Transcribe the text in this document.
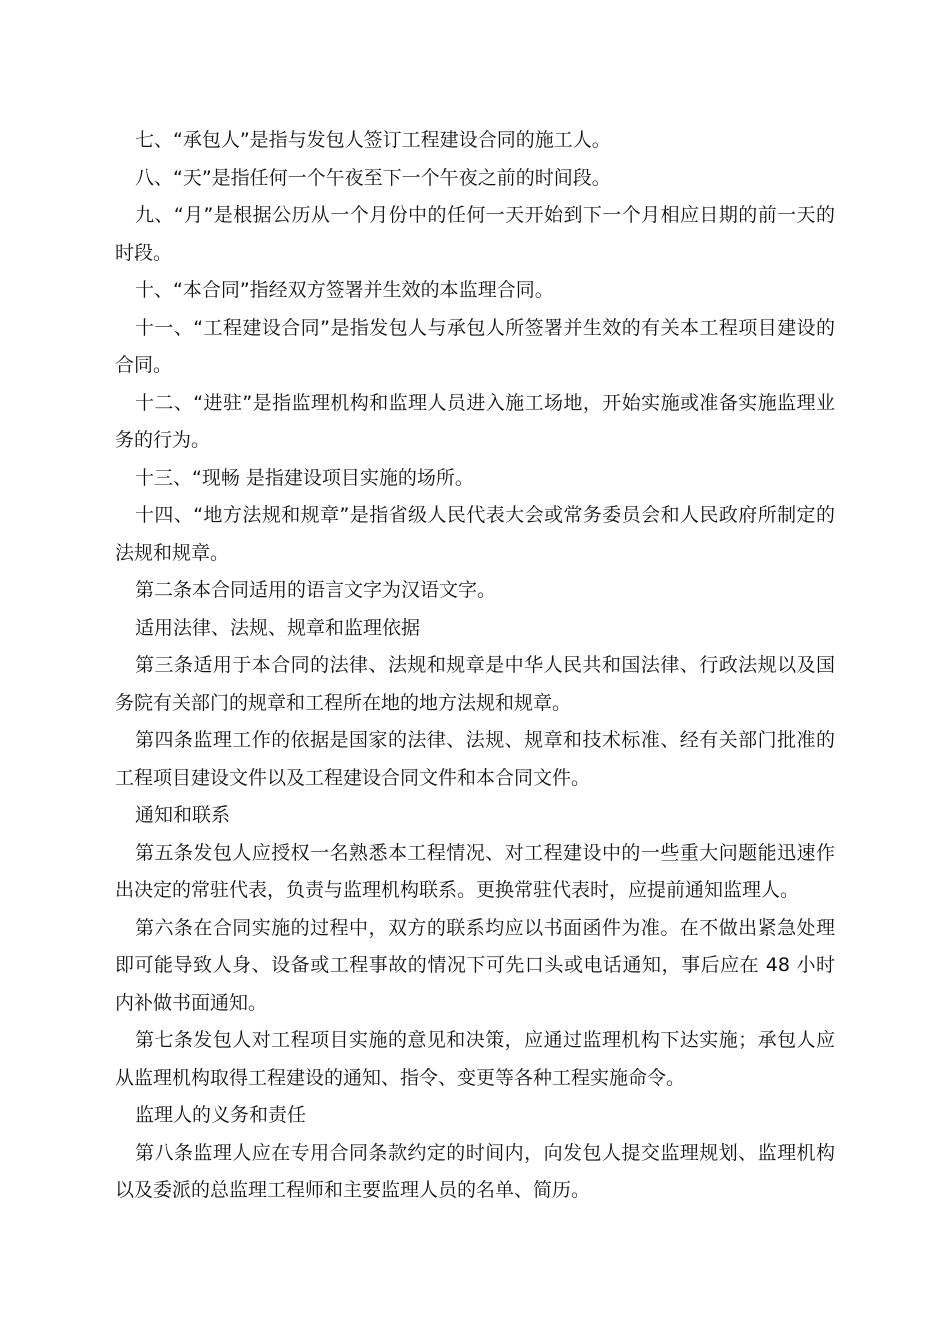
七、“承包人”是指与发包人签订工程建设合同的施工人。

八、“天”是指任何一个午夜至下一个午夜之前的时间段。

九、“月”是根据公历从一个月份中的任何一天开始到下一个月相应日期的前一天的时段。

十、“本合同”指经双方签署并生效的本监理合同。

十一、“工程建设合同”是指发包人与承包人所签署并生效的有关本工程项目建设的合同。

十二、“进驻”是指监理机构和监理人员进入施工场地，开始实施或准备实施监理业务的行为。

十三、“现畅 是指建设项目实施的场所。

十四、“地方法规和规章”是指省级人民代表大会或常务委员会和人民政府所制定的法规和规章。

第二条本合同适用的语言文字为汉语文字。

适用法律、法规、规章和监理依据

第三条适用于本合同的法律、法规和规章是中华人民共和国法律、行政法规以及国务院有关部门的规章和工程所在地的地方法规和规章。

第四条监理工作的依据是国家的法律、法规、规章和技术标准、经有关部门批准的工程项目建设文件以及工程建设合同文件和本合同文件。

通知和联系

第五条发包人应授权一名熟悉本工程情况、对工程建设中的一些重大问题能迅速作出决定的常驻代表，负责与监理机构联系。更换常驻代表时，应提前通知监理人。

第六条在合同实施的过程中，双方的联系均应以书面函件为准。在不做出紧急处理即可能导致人身、设备或工程事故的情况下可先口头或电话通知，事后应在 48 小时内补做书面通知。

第七条发包人对工程项目实施的意见和决策，应通过监理机构下达实施；承包人应从监理机构取得工程建设的通知、指令、变更等各种工程实施命令。

监理人的义务和责任

第八条监理人应在专用合同条款约定的时间内，向发包人提交监理规划、监理机构以及委派的总监理工程师和主要监理人员的名单、简历。
